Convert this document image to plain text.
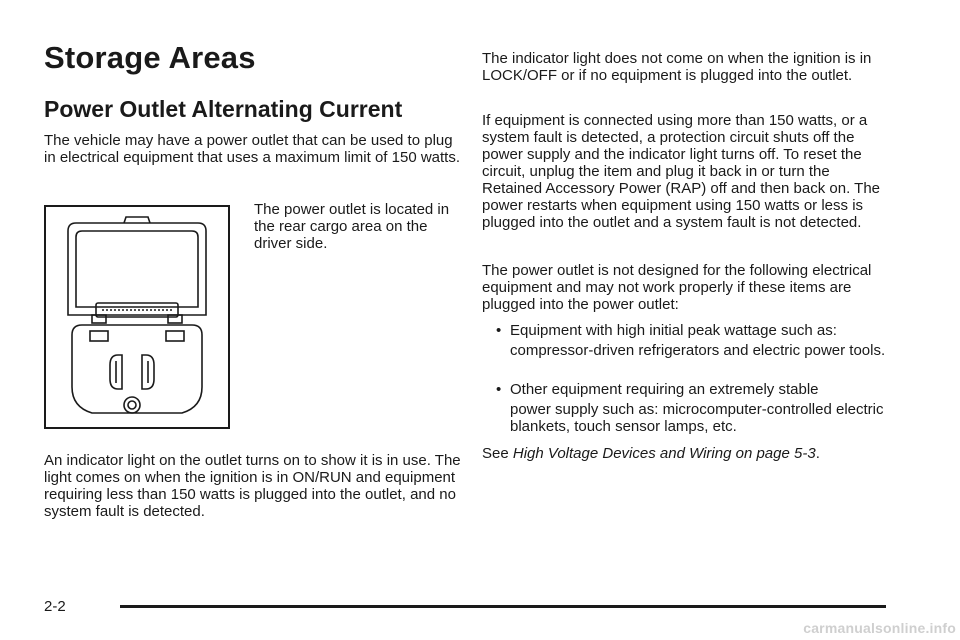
Storage Areas
Power Outlet Alternating Current

The vehicle may have a power outlet that can be used to plug in electrical equipment that uses a maximum limit of 150 watts.

The power outlet is located in the rear cargo area on the driver side.

An indicator light on the outlet turns on to show it is in use. The light comes on when the ignition is in ON/RUN and equipment requiring less than 150 watts is plugged into the outlet, and no system fault is detected.

The indicator light does not come on when the ignition is in LOCK/OFF or if no equipment is plugged into the outlet.

If equipment is connected using more than 150 watts, or a system fault is detected, a protection circuit shuts off the power supply and the indicator light turns off. To reset the circuit, unplug the item and plug it back in or turn the Retained Accessory Power (RAP) off and then back on. The power restarts when equipment using 150 watts or less is plugged into the outlet and a system fault is not detected.

The power outlet is not designed for the following electrical equipment and may not work properly if these items are plugged into the power outlet:

• Equipment with high initial peak wattage such as:

compressor-driven refrigerators and electric power tools.

• Other equipment requiring an extremely stable

power supply such as: microcomputer-controlled electric blankets, touch sensor lamps, etc.

See High Voltage Devices and Wiring on page 5-3.

2-2
carmanualsonline.info
